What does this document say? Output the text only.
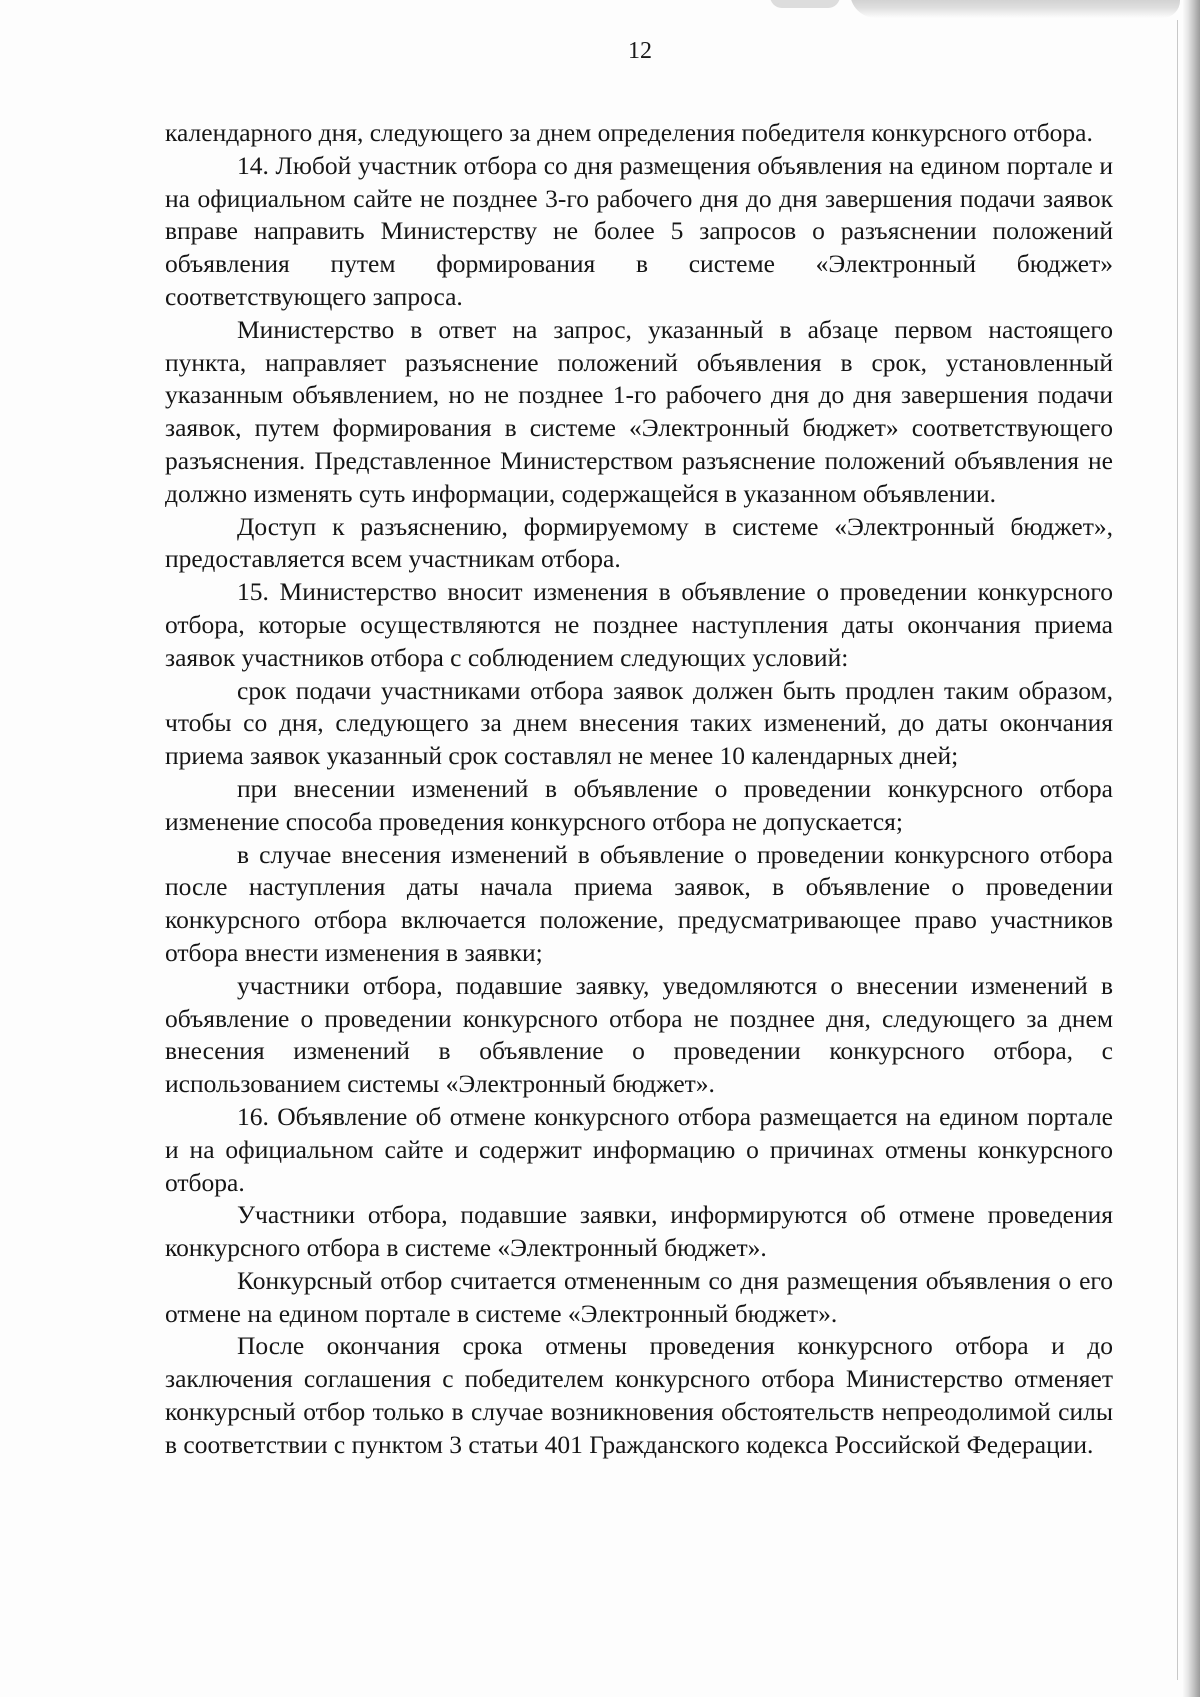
12

календарного дня, следующего за днем определения победителя конкурсного отбора.

14. Любой участник отбора со дня размещения объявления на едином портале и на официальном сайте не позднее 3-го рабочего дня до дня завершения подачи заявок вправе направить Министерству не более 5 запросов о разъяснении положений объявления путем формирования в системе «Электронный бюджет» соответствующего запроса.

Министерство в ответ на запрос, указанный в абзаце первом настоящего пункта, направляет разъяснение положений объявления в срок, установленный указанным объявлением, но не позднее 1-го рабочего дня до дня завершения подачи заявок, путем формирования в системе «Электронный бюджет» соответствующего разъяснения. Представленное Министерством разъяснение положений объявления не должно изменять суть информации, содержащейся в указанном объявлении.

Доступ к разъяснению, формируемому в системе «Электронный бюджет», предоставляется всем участникам отбора.

15. Министерство вносит изменения в объявление о проведении конкурсного отбора, которые осуществляются не позднее наступления даты окончания приема заявок участников отбора с соблюдением следующих условий:

срок подачи участниками отбора заявок должен быть продлен таким образом, чтобы со дня, следующего за днем внесения таких изменений, до даты окончания приема заявок указанный срок составлял не менее 10 календарных дней;

при внесении изменений в объявление о проведении конкурсного отбора изменение способа проведения конкурсного отбора не допускается;

в случае внесения изменений в объявление о проведении конкурсного отбора после наступления даты начала приема заявок, в объявление о проведении конкурсного отбора включается положение, предусматривающее право участников отбора внести изменения в заявки;

участники отбора, подавшие заявку, уведомляются о внесении изменений в объявление о проведении конкурсного отбора не позднее дня, следующего за днем внесения изменений в объявление о проведении конкурсного отбора, с использованием системы «Электронный бюджет».

16. Объявление об отмене конкурсного отбора размещается на едином портале и на официальном сайте и содержит информацию о причинах отмены конкурсного отбора.

Участники отбора, подавшие заявки, информируются об отмене проведения конкурсного отбора в системе «Электронный бюджет».

Конкурсный отбор считается отмененным со дня размещения объявления о его отмене на едином портале в системе «Электронный бюджет».

После окончания срока отмены проведения конкурсного отбора и до заключения соглашения с победителем конкурсного отбора Министерство отменяет конкурсный отбор только в случае возникновения обстоятельств непреодолимой силы в соответствии с пунктом 3 статьи 401 Гражданского кодекса Российской Федерации.
